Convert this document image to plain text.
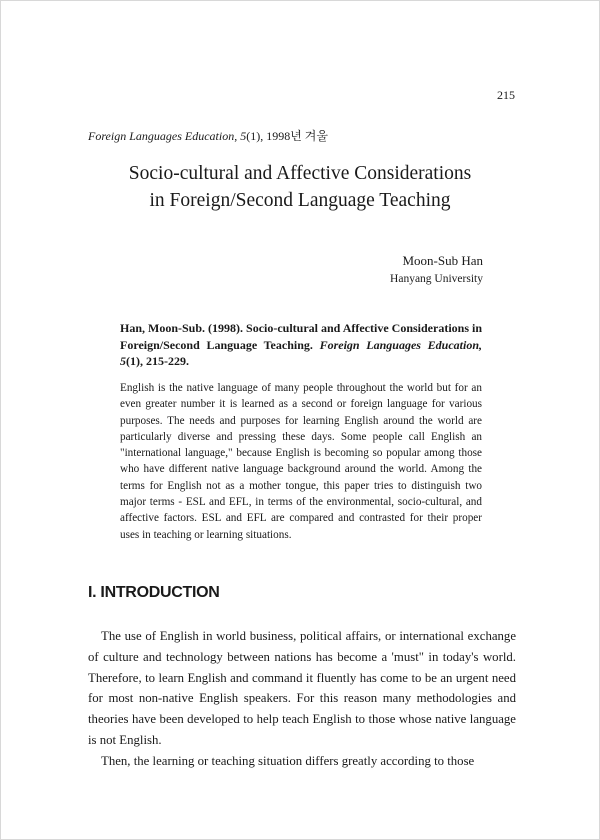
215
Foreign Languages Education, 5(1), 1998년 겨울
Socio-cultural and Affective Considerations
in Foreign/Second Language Teaching
Moon-Sub Han
Hanyang University
Han, Moon-Sub. (1998). Socio-cultural and Affective Considerations in Foreign/Second Language Teaching. Foreign Languages Education, 5(1), 215-229.

English is the native language of many people throughout the world but for an even greater number it is learned as a second or foreign language for various purposes. The needs and purposes for learning English around the world are particularly diverse and pressing these days. Some people call English an "international language," because English is becoming so popular among those who have different native language background around the world. Among the terms for English not as a mother tongue, this paper tries to distinguish two major terms - ESL and EFL, in terms of the environmental, socio-cultural, and affective factors. ESL and EFL are compared and contrasted for their proper uses in teaching or learning situations.

I. INTRODUCTION

The use of English in world business, political affairs, or international exchange of culture and technology between nations has become a 'must" in today's world. Therefore, to learn English and command it fluently has come to be an urgent need for most non-native English speakers. For this reason many methodologies and theories have been developed to help teach English to those whose native language is not English.

Then, the learning or teaching situation differs greatly according to those
